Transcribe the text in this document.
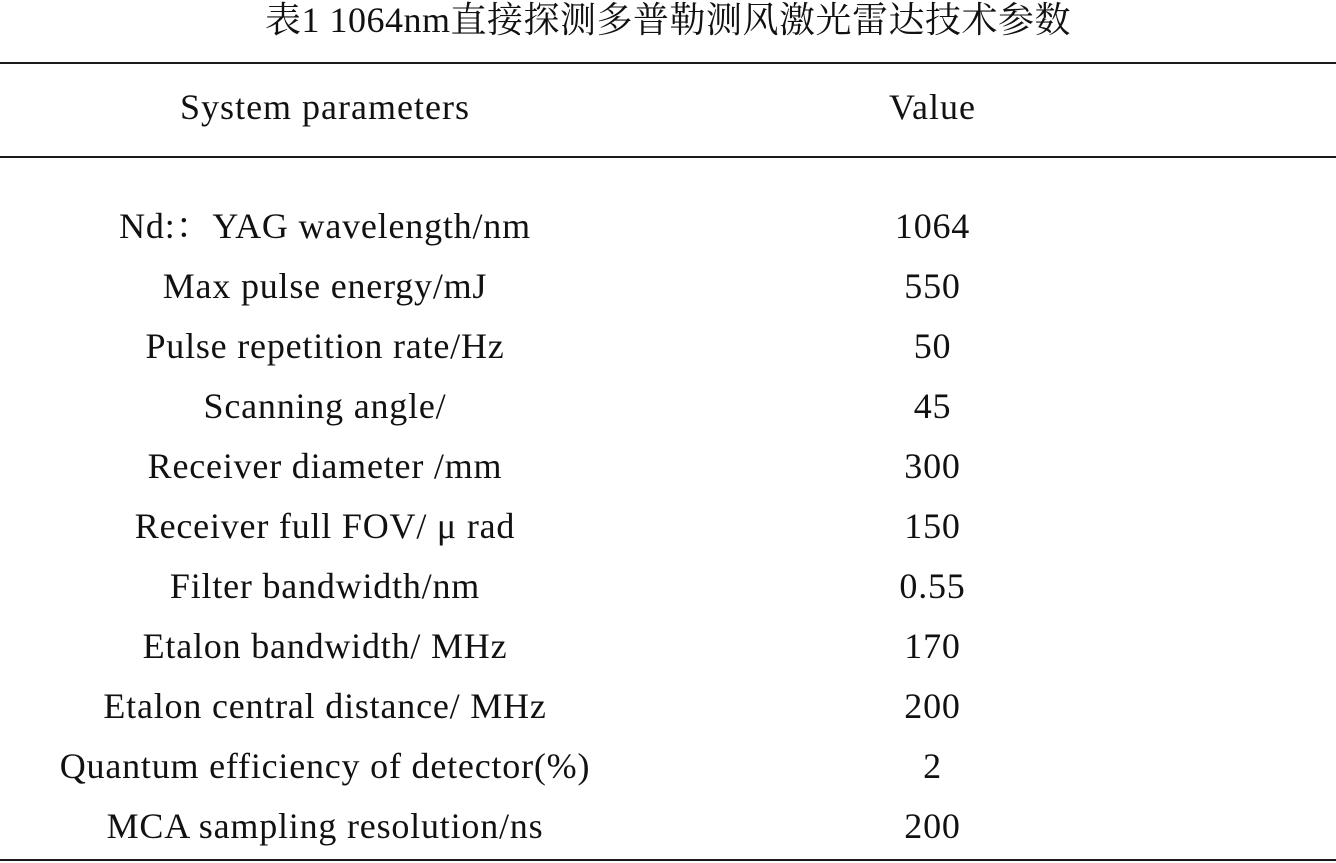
表1 1064nm直接探测多普勒测风激光雷达技术参数
System parameters	Value
Nd:：YAG wavelength/nm	1064
Max pulse energy/mJ	550
Pulse repetition rate/Hz	50
Scanning angle/	45
Receiver diameter /mm	300
Receiver full FOV/ μ rad	150
Filter bandwidth/nm	0.55
Etalon bandwidth/ MHz	170
Etalon central distance/ MHz	200
Quantum efficiency of detector(%)	2
MCA sampling resolution/ns	200
